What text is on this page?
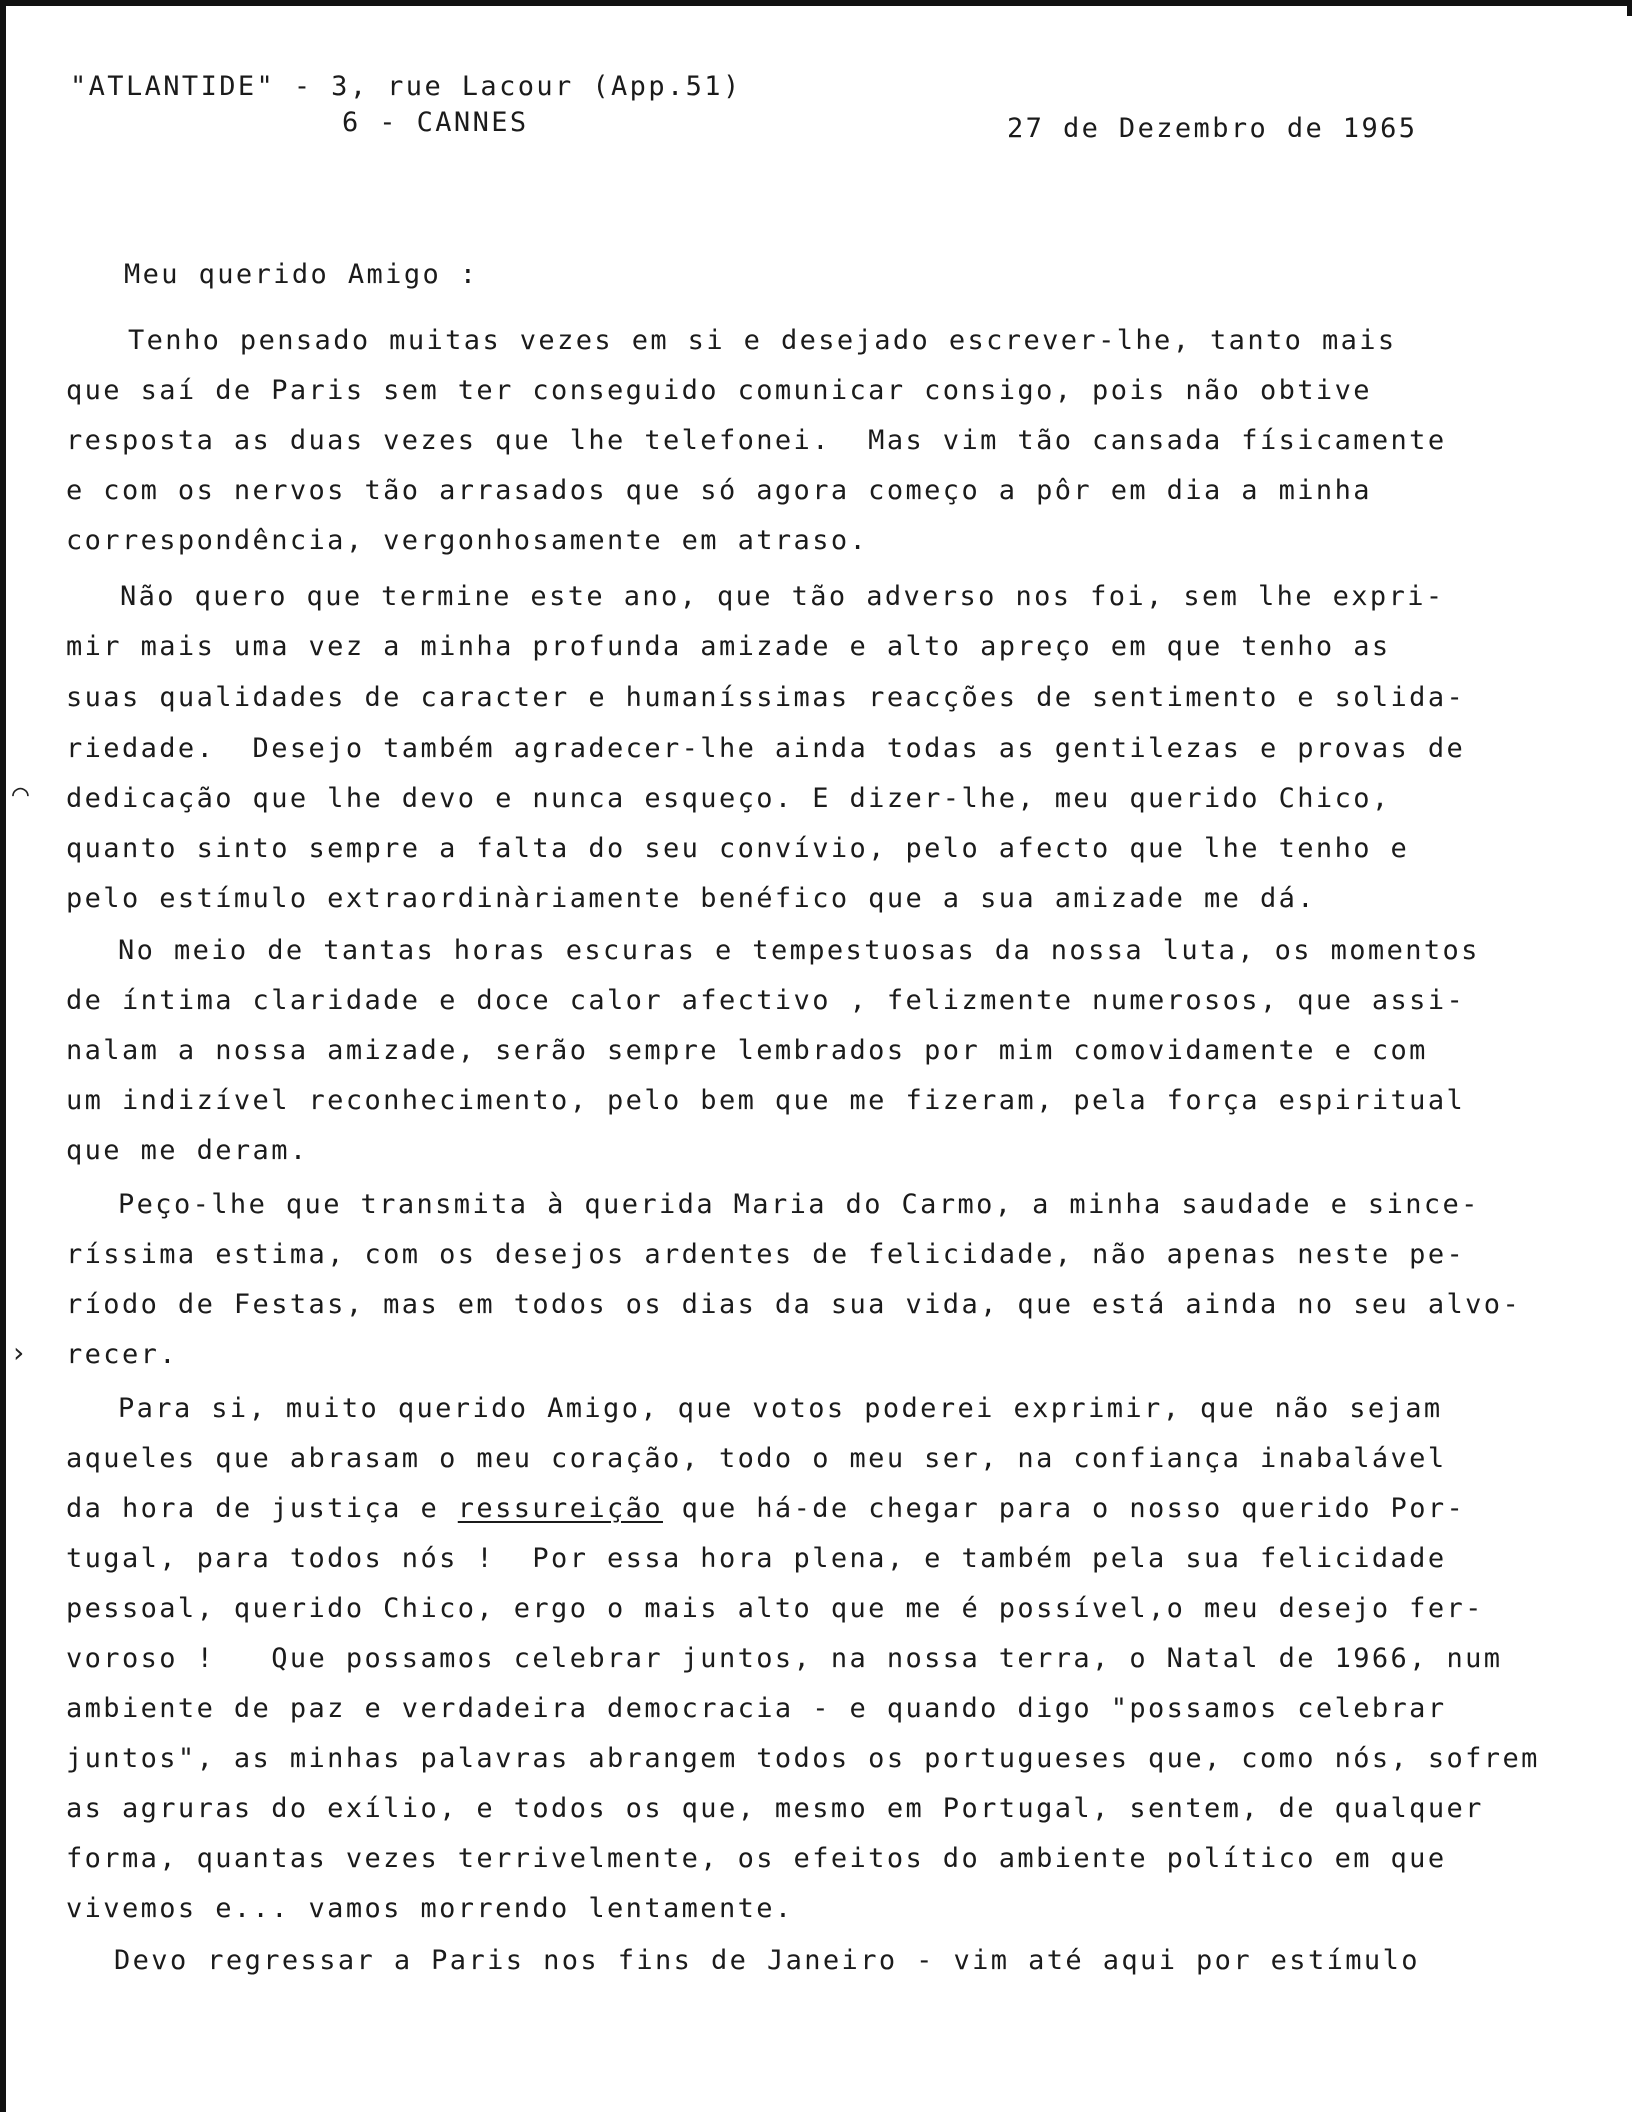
"ATLANTIDE" - 3, rue Lacour (App.51)
6 - CANNES	27 de Dezembro de 1965
Meu querido Amigo :
Tenho pensado muitas vezes em si e desejado escrever-lhe, tanto mais
que saí de Paris sem ter conseguido comunicar consigo, pois não obtive
resposta as duas vezes que lhe telefonei.  Mas vim tão cansada físicamente
e com os nervos tão arrasados que só agora começo a pôr em dia a minha
correspondência, vergonhosamente em atraso.
Não quero que termine este ano, que tão adverso nos foi, sem lhe expri-
mir mais uma vez a minha profunda amizade e alto apreço em que tenho as
suas qualidades de caracter e humaníssimas reacções de sentimento e solida-
riedade.  Desejo também agradecer-lhe ainda todas as gentilezas e provas de
dedicação que lhe devo e nunca esqueço. E dizer-lhe, meu querido Chico,
quanto sinto sempre a falta do seu convívio, pelo afecto que lhe tenho e
pelo estímulo extraordinàriamente benéfico que a sua amizade me dá.
No meio de tantas horas escuras e tempestuosas da nossa luta, os momentos
de íntima claridade e doce calor afectivo , felizmente numerosos, que assi-
nalam a nossa amizade, serão sempre lembrados por mim comovidamente e com
um indizível reconhecimento, pelo bem que me fizeram, pela força espiritual
que me deram.
Peço-lhe que transmita à querida Maria do Carmo, a minha saudade e since-
ríssima estima, com os desejos ardentes de felicidade, não apenas neste pe-
ríodo de Festas, mas em todos os dias da sua vida, que está ainda no seu alvo-
recer.
Para si, muito querido Amigo, que votos poderei exprimir, que não sejam
aqueles que abrasam o meu coração, todo o meu ser, na confiança inabalável
da hora de justiça e ressureição que há-de chegar para o nosso querido Por-
tugal, para todos nós !  Por essa hora plena, e também pela sua felicidade
pessoal, querido Chico, ergo o mais alto que me é possível,o meu desejo fer-
voroso !   Que possamos celebrar juntos, na nossa terra, o Natal de 1966, num
ambiente de paz e verdadeira democracia - e quando digo "possamos celebrar
juntos", as minhas palavras abrangem todos os portugueses que, como nós, sofrem
as agruras do exílio, e todos os que, mesmo em Portugal, sentem, de qualquer
forma, quantas vezes terrivelmente, os efeitos do ambiente político em que
vivemos e... vamos morrendo lentamente.
Devo regressar a Paris nos fins de Janeiro - vim até aqui por estímulo
⌒
›
